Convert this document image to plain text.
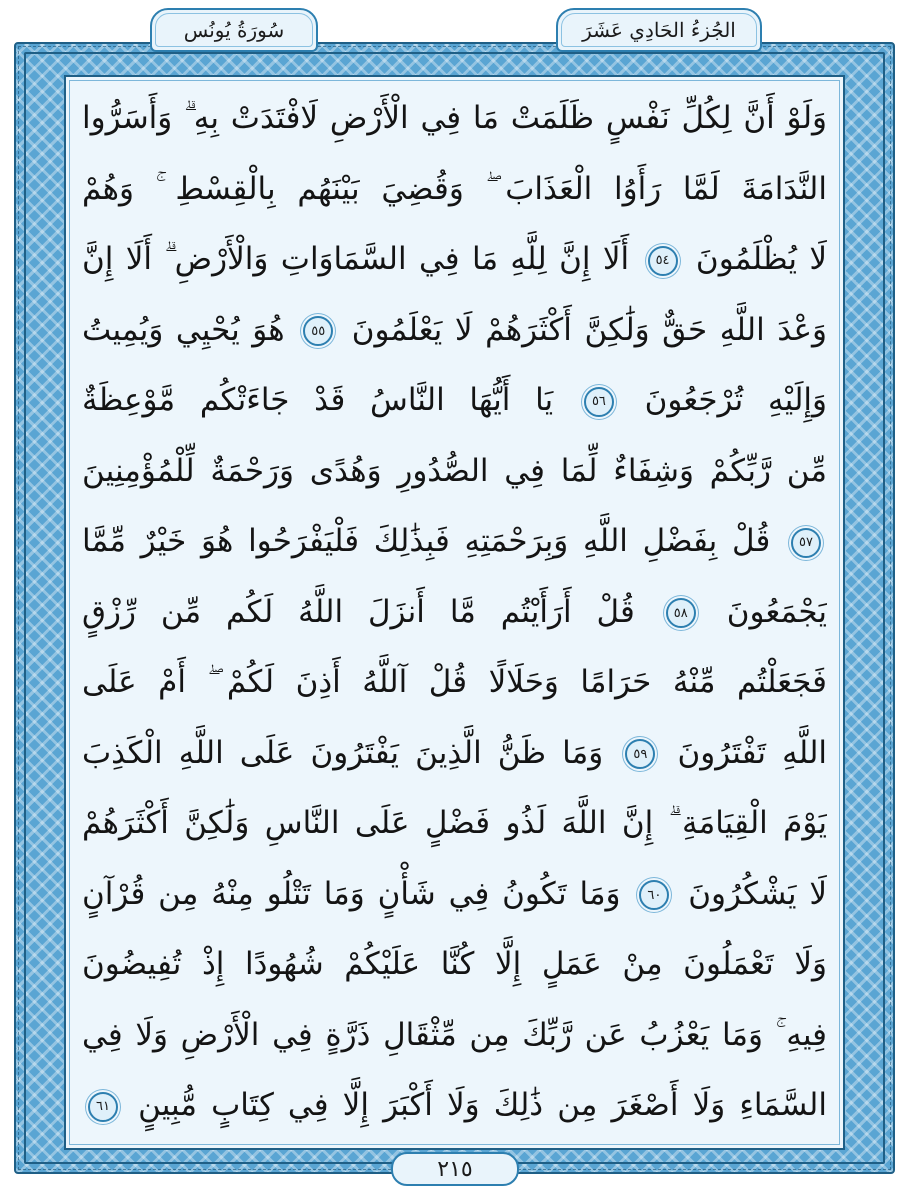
سُورَةُ يُونُس	الجُزءُ الحَادِي عَشَرَ
وَلَوْ أَنَّ لِكُلِّ نَفْسٍ ظَلَمَتْ مَا فِي الْأَرْضِ لَافْتَدَتْ بِهِ ۗ وَأَسَرُّوا
النَّدَامَةَ لَمَّا رَأَوُا الْعَذَابَ ۖ وَقُضِيَ بَيْنَهُم بِالْقِسْطِ ۚ وَهُمْ
لَا يُظْلَمُونَ ٥٤ أَلَا إِنَّ لِلَّهِ مَا فِي السَّمَاوَاتِ وَالْأَرْضِ ۗ أَلَا إِنَّ
وَعْدَ اللَّهِ حَقٌّ وَلَٰكِنَّ أَكْثَرَهُمْ لَا يَعْلَمُونَ ٥٥ هُوَ يُحْيِي وَيُمِيتُ
وَإِلَيْهِ تُرْجَعُونَ ٥٦ يَا أَيُّهَا النَّاسُ قَدْ جَاءَتْكُم مَّوْعِظَةٌ
مِّن رَّبِّكُمْ وَشِفَاءٌ لِّمَا فِي الصُّدُورِ وَهُدًى وَرَحْمَةٌ لِّلْمُؤْمِنِينَ
٥٧ قُلْ بِفَضْلِ اللَّهِ وَبِرَحْمَتِهِ فَبِذَٰلِكَ فَلْيَفْرَحُوا هُوَ خَيْرٌ مِّمَّا
يَجْمَعُونَ ٥٨ قُلْ أَرَأَيْتُم مَّا أَنزَلَ اللَّهُ لَكُم مِّن رِّزْقٍ
فَجَعَلْتُم مِّنْهُ حَرَامًا وَحَلَالًا قُلْ آللَّهُ أَذِنَ لَكُمْ ۖ أَمْ عَلَى
اللَّهِ تَفْتَرُونَ ٥٩ وَمَا ظَنُّ الَّذِينَ يَفْتَرُونَ عَلَى اللَّهِ الْكَذِبَ
يَوْمَ الْقِيَامَةِ ۗ إِنَّ اللَّهَ لَذُو فَضْلٍ عَلَى النَّاسِ وَلَٰكِنَّ أَكْثَرَهُمْ
لَا يَشْكُرُونَ ٦٠ وَمَا تَكُونُ فِي شَأْنٍ وَمَا تَتْلُو مِنْهُ مِن قُرْآنٍ
وَلَا تَعْمَلُونَ مِنْ عَمَلٍ إِلَّا كُنَّا عَلَيْكُمْ شُهُودًا إِذْ تُفِيضُونَ
فِيهِ ۚ وَمَا يَعْزُبُ عَن رَّبِّكَ مِن مِّثْقَالِ ذَرَّةٍ فِي الْأَرْضِ وَلَا فِي
السَّمَاءِ وَلَا أَصْغَرَ مِن ذَٰلِكَ وَلَا أَكْبَرَ إِلَّا فِي كِتَابٍ مُّبِينٍ ٦١
٢١٥
